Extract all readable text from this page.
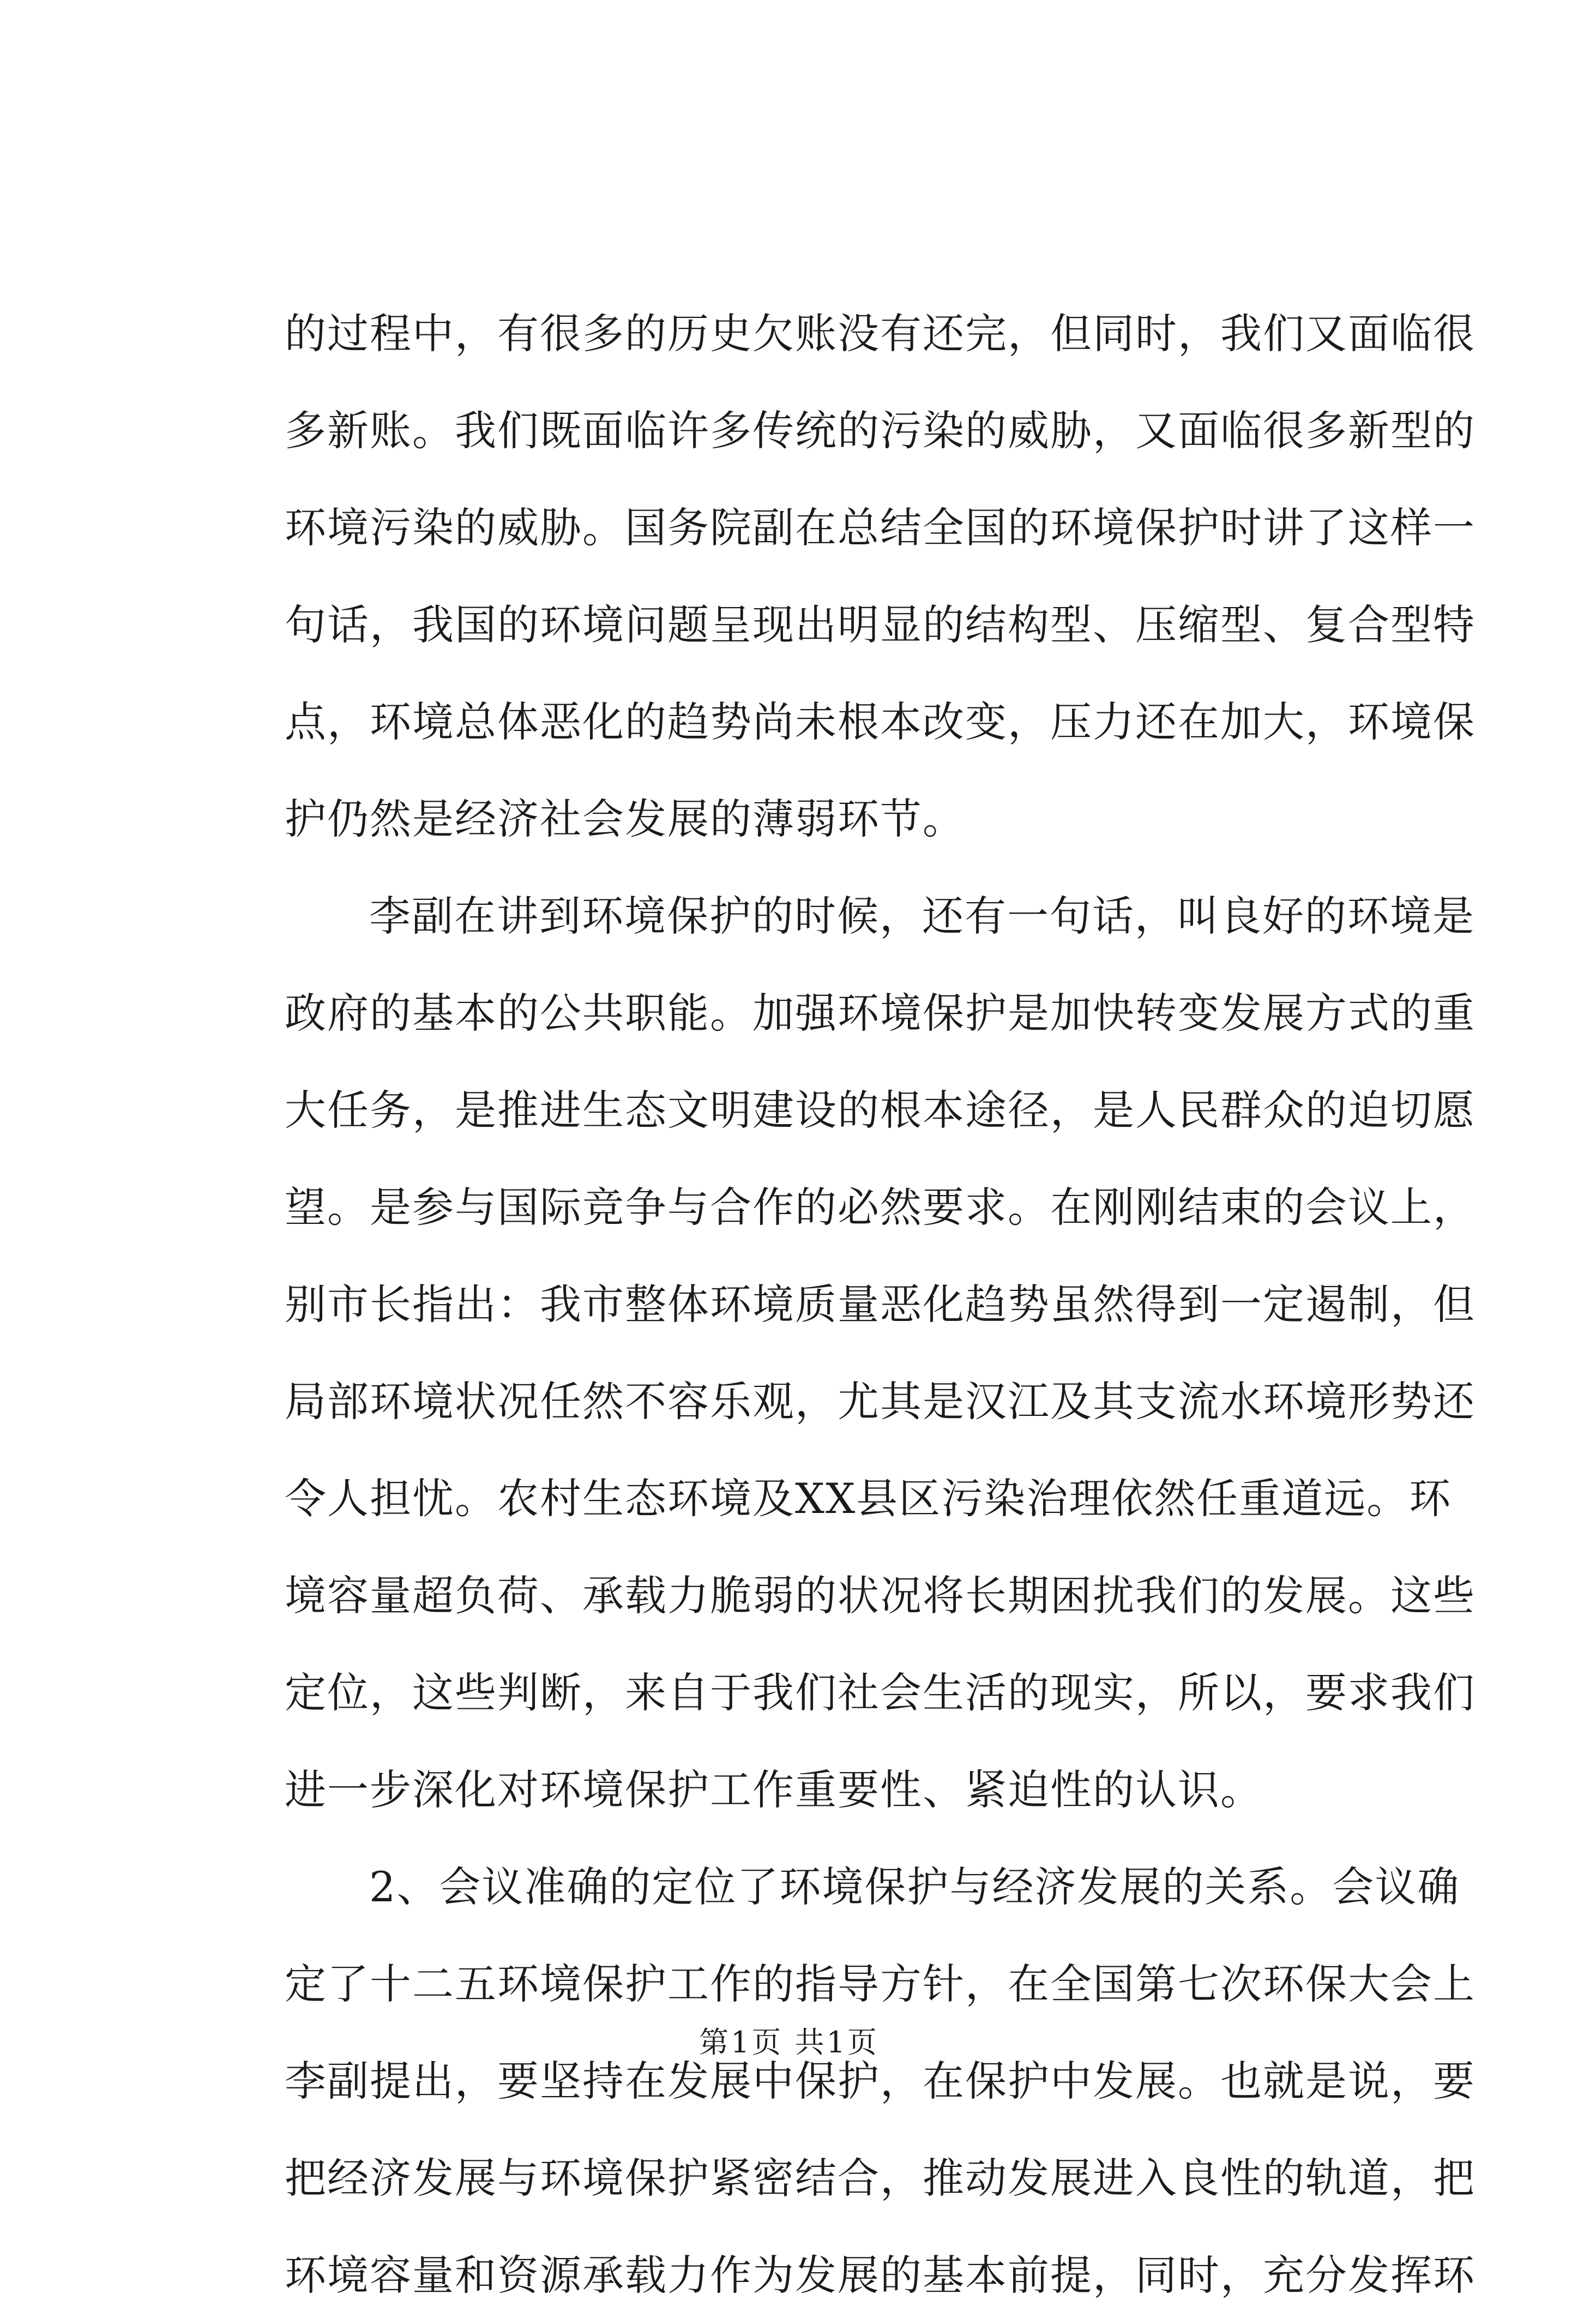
的过程中，有很多的历史欠账没有还完，但同时，我们又面临很
多新账。我们既面临许多传统的污染的威胁，又面临很多新型的
环境污染的威胁。国务院副在总结全国的环境保护时讲了这样一
句话，我国的环境问题呈现出明显的结构型、压缩型、复合型特
点，环境总体恶化的趋势尚未根本改变，压力还在加大，环境保
护仍然是经济社会发展的薄弱环节。
李副在讲到环境保护的时候，还有一句话，叫良好的环境是
政府的基本的公共职能。加强环境保护是加快转变发展方式的重
大任务，是推进生态文明建设的根本途径，是人民群众的迫切愿
望。是参与国际竞争与合作的必然要求。在刚刚结束的会议上，
别市长指出：我市整体环境质量恶化趋势虽然得到一定遏制，但
局部环境状况任然不容乐观，尤其是汉江及其支流水环境形势还
令人担忧。农村生态环境及XX县区污染治理依然任重道远。环
境容量超负荷、承载力脆弱的状况将长期困扰我们的发展。这些
定位，这些判断，来自于我们社会生活的现实，所以，要求我们
进一步深化对环境保护工作重要性、紧迫性的认识。
2、会议准确的定位了环境保护与经济发展的关系。会议确
定了十二五环境保护工作的指导方针，在全国第七次环保大会上
李副提出，要坚持在发展中保护，在保护中发展。也就是说，要
把经济发展与环境保护紧密结合，推动发展进入良性的轨道，把
环境容量和资源承载力作为发展的基本前提，同时，充分发挥环
第1页 共1页
